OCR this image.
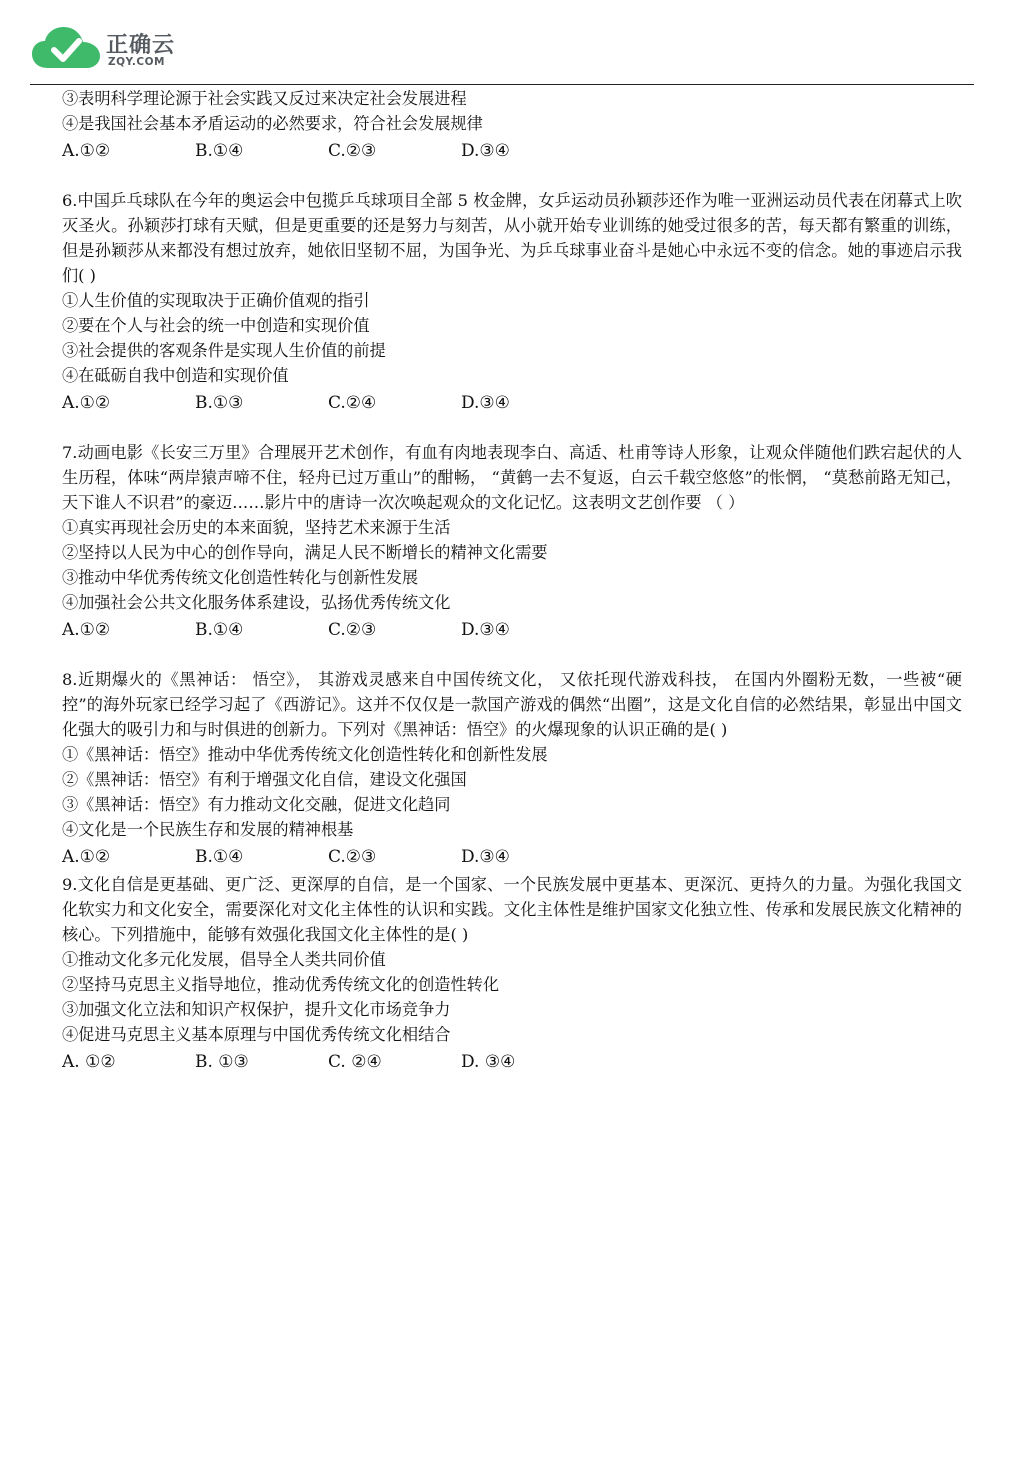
正确云
ZQY.COM
③表明科学理论源于社会实践又反过来决定社会发展进程
④是我国社会基本矛盾运动的必然要求，符合社会发展规律
A.①②	B.①④	C.②③	D.③④
6.中国乒乓球队在今年的奥运会中包揽乒乓球项目全部 5 枚金牌，女乒运动员孙颖莎还作为唯一亚洲运动员代表在闭幕式上吹灭圣火。孙颖莎打球有天赋，但是更重要的还是努力与刻苦，从小就开始专业训练的她受过很多的苦，每天都有繁重的训练，但是孙颖莎从来都没有想过放弃，她依旧坚韧不屈，为国争光、为乒乓球事业奋斗是她心中永远不变的信念。她的事迹启示我们( )
①人生价值的实现取决于正确价值观的指引
②要在个人与社会的统一中创造和实现价值
③社会提供的客观条件是实现人生价值的前提
④在砥砺自我中创造和实现价值
A.①②	B.①③	C.②④	D.③④
7.动画电影《长安三万里》合理展开艺术创作，有血有肉地表现李白、高适、杜甫等诗人形象，让观众伴随他们跌宕起伏的人生历程，体味“两岸猿声啼不住，轻舟已过万重山”的酣畅， “黄鹤一去不复返，白云千载空悠悠”的怅惘， “莫愁前路无知己，天下谁人不识君”的豪迈……影片中的唐诗一次次唤起观众的文化记忆。这表明文艺创作要 （ ）
①真实再现社会历史的本来面貌，坚持艺术来源于生活
②坚持以人民为中心的创作导向，满足人民不断增长的精神文化需要
③推动中华优秀传统文化创造性转化与创新性发展
④加强社会公共文化服务体系建设，弘扬优秀传统文化
A.①②	B.①④	C.②③	D.③④
8.近期爆火的《黑神话： 悟空》， 其游戏灵感来自中国传统文化， 又依托现代游戏科技， 在国内外圈粉无数，一些被“硬控”的海外玩家已经学习起了《西游记》。这并不仅仅是一款国产游戏的偶然“出圈”，这是文化自信的必然结果，彰显出中国文化强大的吸引力和与时俱进的创新力。下列对《黑神话：悟空》的火爆现象的认识正确的是( )
①《黑神话：悟空》推动中华优秀传统文化创造性转化和创新性发展
②《黑神话：悟空》有利于增强文化自信，建设文化强国
③《黑神话：悟空》有力推动文化交融，促进文化趋同
④文化是一个民族生存和发展的精神根基
A.①②	B.①④	C.②③	D.③④
9.文化自信是更基础、更广泛、更深厚的自信，是一个国家、一个民族发展中更基本、更深沉、更持久的力量。为强化我国文化软实力和文化安全，需要深化对文化主体性的认识和实践。文化主体性是维护国家文化独立性、传承和发展民族文化精神的核心。下列措施中，能够有效强化我国文化主体性的是( )
①推动文化多元化发展，倡导全人类共同价值
②坚持马克思主义指导地位，推动优秀传统文化的创造性转化
③加强文化立法和知识产权保护，提升文化市场竞争力
④促进马克思主义基本原理与中国优秀传统文化相结合
A. ①②	B. ①③	C. ②④	D. ③④
